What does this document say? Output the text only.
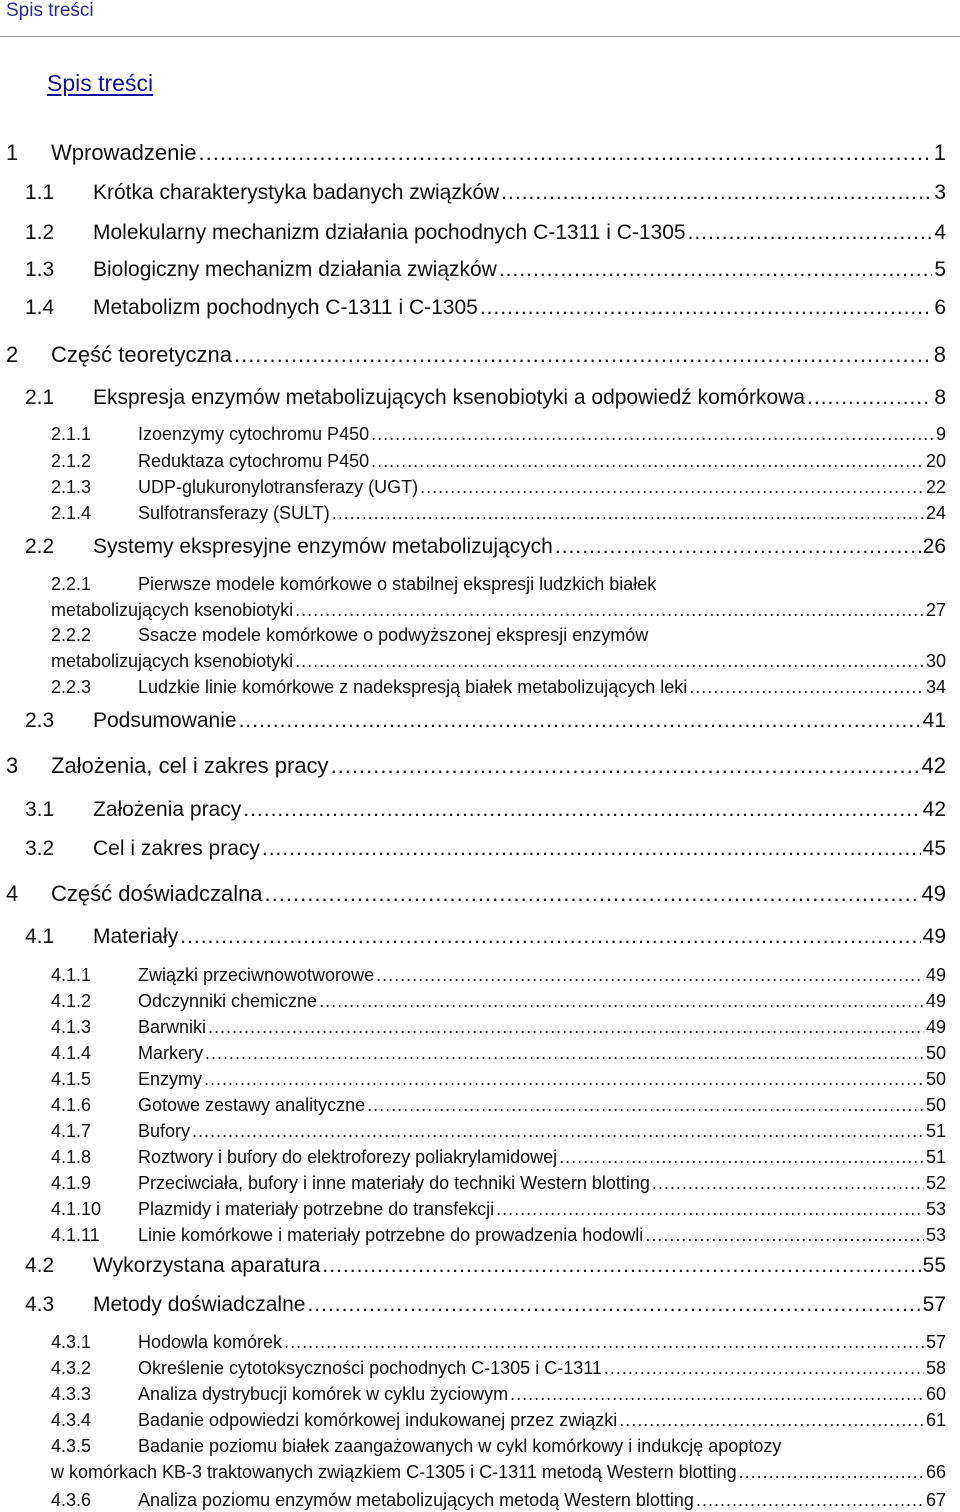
Spis treści
Spis treści
1 Wprowadzenie .....	1
1.1 Krótka charakterystyka badanych związków .....	3
1.2 Molekularny mechanizm działania pochodnych C-1311 i C-1305 .....	4
1.3 Biologiczny mechanizm działania związków .....	5
1.4 Metabolizm pochodnych C-1311 i C-1305 .....	6
2 Część teoretyczna .....	8
2.1 Ekspresja enzymów metabolizujących ksenobiotyki a odpowiedź komórkowa .....	8
2.1.1	Izoenzymy cytochromu P450 .....	9
2.1.2	Reduktaza cytochromu P450 .....	20
2.1.3	UDP-glukuronylotransferazy (UGT) .....	22
2.1.4	Sulfotransferazy (SULT) .....	24
2.2 Systemy ekspresyjne enzymów metabolizujących .....	26
2.2.1	Pierwsze modele komórkowe o stabilnej ekspresji ludzkich białek
metabolizujących ksenobiotyki .....	27
2.2.2	Ssacze modele komórkowe o podwyższonej ekspresji enzymów
metabolizujących ksenobiotyki .....	30
2.2.3	Ludzkie linie komórkowe z nadekspresją białek metabolizujących leki .....	34
2.3 Podsumowanie .....	41
3 Założenia, cel i zakres pracy .....	42
3.1 Założenia pracy .....	42
3.2 Cel i zakres pracy .....	45
4 Część doświadczalna .....	49
4.1 Materiały .....	49
4.1.1	Związki przeciwnowotworowe .....	49
4.1.2	Odczynniki chemiczne .....	49
4.1.3	Barwniki .....	49
4.1.4	Markery .....	50
4.1.5	Enzymy .....	50
4.1.6	Gotowe zestawy analityczne .....	50
4.1.7	Bufory .....	51
4.1.8	Roztwory i bufory do elektroforezy poliakrylamidowej .....	51
4.1.9	Przeciwciała, bufory i inne materiały do techniki Western blotting .....	52
4.1.10 Plazmidy i materiały potrzebne do transfekcji .....	53
4.1.11 Linie komórkowe i materiały potrzebne do prowadzenia hodowli .....	53
4.2 Wykorzystana aparatura .....	55
4.3 Metody doświadczalne .....	57
4.3.1	Hodowla komórek .....	57
4.3.2	Określenie cytotoksyczności pochodnych C-1305 i C-1311 .....	58
4.3.3	Analiza dystrybucji komórek w cyklu życiowym .....	60
4.3.4	Badanie odpowiedzi komórkowej indukowanej przez związki .....	61
4.3.5	Badanie poziomu białek zaangażowanych w cykl komórkowy i indukcję apoptozy
w komórkach KB-3 traktowanych związkiem C-1305 i C-1311 metodą Western blotting .....	66
4.3.6	Analiza poziomu enzymów metabolizujących metodą Western blotting .....	67
